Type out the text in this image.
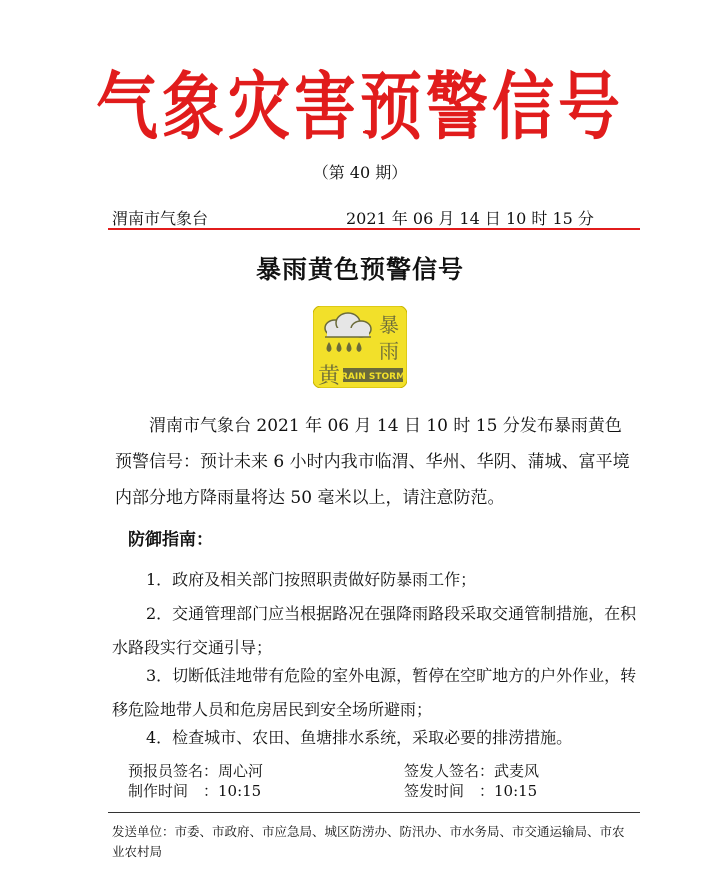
气象灾害预警信号
（第 40 期）
渭南市气象台	2021 年 06 月 14 日 10 时 15 分
暴雨黄色预警信号
暴
雨
黄 RAIN STORM
渭南市气象台 2021 年 06 月 14 日 10 时 15 分发布暴雨黄色预警信号：预计未来 6 小时内我市临渭、华州、华阴、蒲城、富平境内部分地方降雨量将达 50 毫米以上，请注意防范。
防御指南：
1．政府及相关部门按照职责做好防暴雨工作；
2．交通管理部门应当根据路况在强降雨路段采取交通管制措施，在积水路段实行交通引导；
3．切断低洼地带有危险的室外电源，暂停在空旷地方的户外作业，转移危险地带人员和危房居民到安全场所避雨；
4．检查城市、农田、鱼塘排水系统，采取必要的排涝措施。
预报员签名：周心河	签发人签名：武麦风
制作时间　：10:15	签发时间　：10:15
发送单位：市委、市政府、市应急局、城区防涝办、防汛办、市水务局、市交通运输局、市农业农村局
